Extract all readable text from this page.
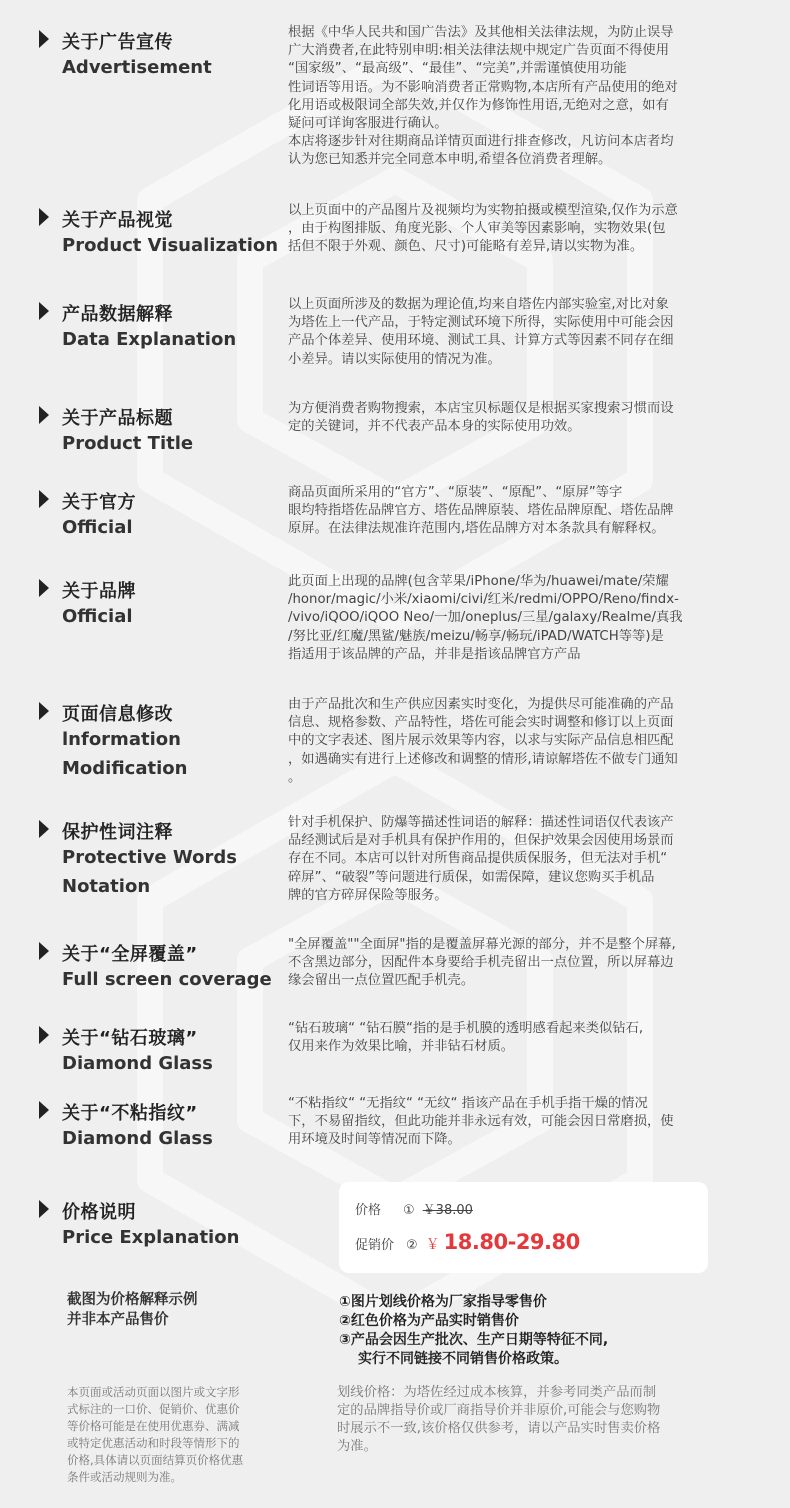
关于广告宣传
Advertisement
根据《中华人民共和国广告法》及其他相关法律法规，为防止误导
广大消费者,在此特别申明:相关法律法规中规定广告页面不得使用
“国家级”、“最高级”、“最佳”、“完美”,并需谨慎使用功能
性词语等用语。为不影响消费者正常购物,本店所有产品使用的绝对
化用语或极限词全部失效,并仅作为修饰性用语,无绝对之意，如有
疑问可详询客服进行确认。
本店将逐步针对往期商品详情页面进行排查修改，凡访问本店者均
认为您已知悉并完全同意本申明,希望各位消费者理解。
关于产品视觉
Product Visualization
以上页面中的产品图片及视频均为实物拍摄或模型渲染,仅作为示意
，由于构图排版、角度光影、个人审美等因素影响，实物效果(包
括但不限于外观、颜色、尺寸)可能略有差异,请以实物为准。
产品数据解释
Data Explanation
以上页面所涉及的数据为理论值,均来自塔佐内部实验室,对比对象
为塔佐上一代产品，于特定测试环境下所得，实际使用中可能会因
产品个体差异、使用环境、测试工具、计算方式等因素不同存在细
小差异。请以实际使用的情况为准。
关于产品标题
Product Title
为方便消费者购物搜索，本店宝贝标题仅是根据买家搜索习惯而设
定的关键词，并不代表产品本身的实际使用功效。
关于官方
Official
商品页面所采用的“官方”、“原装”、“原配”、“原屏”等字
眼均特指塔佐品牌官方、塔佐品牌原装、塔佐品牌原配、塔佐品牌
原屏。在法律法规准许范围内,塔佐品牌方对本条款具有解释权。
关于品牌
Official
此页面上出现的品牌(包含苹果/iPhone/华为/huawei/mate/荣耀
/honor/magic/小米/xiaomi/civi/红米/redmi/OPPO/Reno/findx-
/vivo/iQOO/iQOO Neo/一加/oneplus/三星/galaxy/Realme/真我
/努比亚/红魔/黑鲨/魅族/meizu/畅享/畅玩/iPAD/WATCH等等)是
指适用于该品牌的产品，并非是指该品牌官方产品
页面信息修改
lnformation
Modification
由于产品批次和生产供应因素实时变化，为提供尽可能准确的产品
信息、规格参数、产品特性，塔佐可能会实时调整和修订以上页面
中的文字表述、图片展示效果等内容，以求与实际产品信息相匹配
，如遇确实有进行上述修改和调整的情形,请谅解塔佐不做专门通知
。
保护性词注释
Protective Words
Notation
针对手机保护、防爆等描述性词语的解释：描述性词语仅代表该产
品经测试后是对手机具有保护作用的，但保护效果会因使用场景而
存在不同。本店可以针对所售商品提供质保服务，但无法对手机“
碎屏”、“破裂”等问题进行质保，如需保障，建议您购买手机品
牌的官方碎屏保险等服务。
关于“全屏覆盖”
Full screen coverage
"全屏覆盖""全面屏"指的是覆盖屏幕光源的部分，并不是整个屏幕,
不含黑边部分，因配件本身要给手机壳留出一点位置，所以屏幕边
缘会留出一点位置匹配手机壳。
关于“钻石玻璃”
Diamond Glass
“钻石玻璃“ “钻石膜“指的是手机膜的透明感看起来类似钻石,
仅用来作为效果比喻，并非钻石材质。
关于“不粘指纹”
Diamond Glass
“不粘指纹“ “无指纹“ “无纹“ 指该产品在手机手指干燥的情况
下，不易留指纹，但此功能并非永远有效，可能会因日常磨损，使
用环境及时间等情况而下降。
价格说明
Price Explanation
价格 ① ￥38.00
促销价 ② ￥ 18.80-29.80
截图为价格解释示例
并非本产品售价
①图片划线价格为厂家指导零售价
②红色价格为产品实时销售价
③产品会因生产批次、生产日期等特征不同,
实行不同链接不同销售价格政策。
本页面或活动页面以图片或文字形
式标注的一口价、促销价、优惠价
等价格可能是在使用优惠券、满减
或特定优惠活动和时段等情形下的
价格,具体请以页面结算页价格优惠
条件或活动规则为准。
划线价格：为塔佐经过成本核算，并参考同类产品而制
定的品牌指导价或厂商指导价并非原价,可能会与您购物
时展示不一致,该价格仅供参考，请以产品实时售卖价格
为准。
